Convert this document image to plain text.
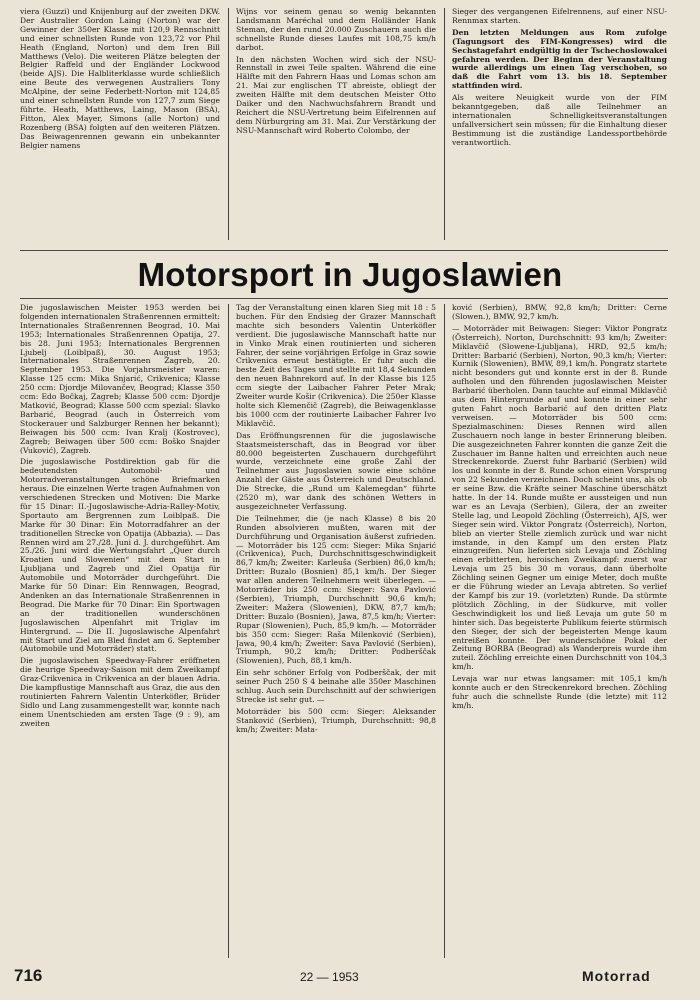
viera (Guzzi) und Knijenburg auf der zweiten DKW. Der Australier Gordon Laing (Norton) war der Gewinner der 350er Klasse mit 120,9 Rennschnitt und einer schnellsten Runde von 123,72 vor Phil Heath (England, Norton) und dem Iren Bill Matthews (Velo). Die weiteren Plätze belegten der Belgier Raffeld und der Engländer Lockwood (beide AJS). Die Halbliterklasse wurde schließlich eine Beute des verwegenen Australiers Tony McAlpine, der seine Federbett-Norton mit 124,85 und einer schnellsten Runde von 127,7 zum Siege führte. Heath, Matthews, Laing, Mason (BSA), Fitton, Alex Mayer, Simons (alle Norton) und Rozenberg (BSA) folgten auf den weiteren Plätzen. Das Beiwagenrennen gewann ein unbekannter Belgier namens

Wijns vor seinem genau so wenig bekannten Landsmann Maréchal und dem Holländer Hank Steman, der den rund 20.000 Zuschauern auch die schnellste Runde dieses Laufes mit 108,75 km/h darbot.

In den nächsten Wochen wird sich der NSU-Rennstall in zwei Teile spalten. Während die eine Hälfte mit den Fahrern Haas und Lomas schon am 21. Mai zur englischen TT abreiste, obliegt der zweiten Hälfte mit dem deutschen Meister Otto Daiker und den Nachwuchsfahrern Brandt und Reichert die NSU-Vertretung beim Eifelrennen auf dem Nürburgring am 31. Mai. Zur Verstärkung der NSU-Mannschaft wird Roberto Colombo, der

Sieger des vergangenen Eifelrennens, auf einer NSU-Rennmax starten.

Den letzten Meldungen aus Rom zufolge (Tagungsort des FIM-Kongresses) wird die Sechstagefahrt endgültig in der Tschechoslowakei gefahren werden. Der Beginn der Veranstaltung wurde allerdings um einen Tag verschoben, so daß die Fahrt vom 13. bis 18. September stattfinden wird.

Als weitere Neuigkeit wurde von der FIM bekanntgegeben, daß alle Teilnehmer an internationalen Schnelligkeitsveranstaltungen unfallversichert sein müssen; für die Einhaltung dieser Bestimmung ist die zuständige Landessportbehörde verantwortlich.

Motorsport in Jugoslawien

Die jugoslawischen Meister 1953 werden bei folgenden internationalen Straßenrennen ermittelt: Internationales Straßenrennen Beograd, 10. Mai 1953; Internationales Straßenrennen Opatija, 27. bis 28. Juni 1953; Internationales Bergrennen Ljubelj (Loiblpaß), 30. August 1953; Internationales Straßenrennen Zagreb, 20. September 1953. Die Vorjahrsmeister waren: Klasse 125 ccm: Mika Snjarić, Crikvenica; Klasse 250 ccm: Djordje Milovančev, Beograd; Klasse 350 ccm: Edo Bočkaj, Zagreb; Klasse 500 ccm: Djordje Matković, Beograd; Klasse 500 ccm spezial: Slavko Barbarić, Beograd (auch in Österreich vom Stockerauer und Salzburger Rennen her bekannt); Beiwagen bis 500 ccm: Ivan Kralj (Kostrovec), Zagreb; Beiwagen über 500 ccm: Boško Snajder (Vuković), Zagreb.

Die jugoslawische Postdirektion gab für die bedeutendsten Automobil- und Motorradveranstaltungen schöne Briefmarken heraus. Die einzelnen Werte tragen Aufnahmen von verschiedenen Strecken und Motiven: Die Marke für 15 Dinar: II.-Jugoslawische-Adria-Ralley-Motiv, Sportauto am Bergrennen zum Loiblpaß. Die Marke für 30 Dinar: Ein Motorradfahrer an der traditionellen Strecke von Opatija (Abbazia). — Das Rennen wird am 27./28. Juni d. J. durchgeführt. Am 25./26. Juni wird die Wertungsfahrt „Quer durch Kroatien und Slowenien“ mit dem Start in Ljubljana und Zagreb und Ziel Opatija für Automobile und Motorräder durchgeführt. Die Marke für 50 Dinar: Ein Rennwagen, Beograd, Andenken an das Internationale Straßenrennen in Beograd. Die Marke für 70 Dinar: Ein Sportwagen an der traditionellen wunderschönen Jugoslawischen Alpenfahrt mit Triglav im Hintergrund. — Die II. Jugoslawische Alpenfahrt mit Start und Ziel am Bled findet am 6. September (Automobile und Motorräder) statt.

Die jugoslawischen Speedway-Fahrer eröffneten die heurige Speedway-Saison mit dem Zweikampf Graz-Crikvenica in Crikvenica an der blauen Adria. Die kampflustige Mannschaft aus Graz, die aus den routinierten Fahrern Valentin Unterköfler, Brüder Sidlo und Lang zusammengestellt war, konnte nach einem Unentschieden am ersten Tage (9 : 9), am zweiten

Tag der Veranstaltung einen klaren Sieg mit 18 : 5 buchen. Für den Endsieg der Grazer Mannschaft machte sich besonders Valentin Unterköfler verdient. Die jugoslawische Mannschaft hatte nur in Vinko Mrak einen routinierten und sicheren Fahrer, der seine vorjährigen Erfolge in Graz sowie Crikvenica erneut bestätigte. Er fuhr auch die beste Zeit des Tages und stellte mit 18,4 Sekunden den neuen Bahnrekord auf. In der Klasse bis 125 ccm siegte der Laibacher Fahrer Peter Mrak; Zweiter wurde Košir (Crikvenica). Die 250er Klasse holte sich Klemenčič (Zagreb), die Beiwagenklasse bis 1000 ccm der routinierte Laibacher Fahrer Ivo Miklavčič.

Das Eröffnungsrennen für die jugoslawische Staatsmeisterschaft, das in Beograd vor über 80.000 begeisterten Zuschauern durchgeführt wurde, verzeichnete eine große Zahl der Teilnehmer aus Jugoslawien sowie eine schöne Anzahl der Gäste aus Österreich und Deutschland. Die Strecke, die „Rund um Kalemegdan“ führte (2520 m), war dank des schönen Wetters in ausgezeichneter Verfassung.

Die Teilnehmer, die (je nach Klasse) 8 bis 20 Runden absolvieren mußten, waren mit der Durchführung und Organisation äußerst zufrieden. — Motorräder bis 125 ccm: Sieger: Mika Snjarić (Crikvenica), Puch, Durchschnittsgeschwindigkeit 86,7 km/h; Zweiter: Karleuša (Serbien) 86,0 km/h; Dritter: Buzalo (Bosnien) 85,1 km/h. Der Sieger war allen anderen Teilnehmern weit überlegen. — Motorräder bis 250 ccm: Sieger: Sava Pavlović (Serbien), Triumph, Durchschnitt 90,6 km/h; Zweiter: Mažera (Slowenien), DKW, 87,7 km/h; Dritter: Buzalo (Bosnien), Jawa, 87,5 km/h; Vierter: Rupar (Slowenien), Puch, 85,9 km/h. — Motorräder bis 350 ccm: Sieger: Raša Milenković (Serbien), Jawa, 90,4 km/h; Zweiter: Sava Pavlović (Serbien), Triumph, 90,2 km/h; Dritter: Podberščak (Slowenien), Puch, 88,1 km/h.

Ein sehr schöner Erfolg von Podberščak, der mit seiner Puch 250 S 4 beinahe alle 350er Maschinen schlug. Auch sein Durchschnitt auf der schwierigen Strecke ist sehr gut. —

Motorräder bis 500 ccm: Sieger: Aleksander Stanković (Serbien), Triumph, Durchschnitt: 98,8 km/h; Zweiter: Mata-

ković (Serbien), BMW, 92,8 km/h; Dritter: Cerne (Slowen.), BMW, 92,7 km/h.

— Motorräder mit Beiwagen: Sieger: Viktor Pongratz (Österreich), Norton, Durchschnitt: 93 km/h; Zweiter: Miklavčič (Slowene-Ljubljana), HRD, 92,5 km/h; Dritter: Barbarić (Serbien), Norton, 90,3 km/h; Vierter: Kurnik (Slowenien), BMW, 89,1 km/h. Pongratz startete nicht besonders gut und konnte erst in der 8. Runde aufholen und den führenden jugoslawischen Meister Barbarić überholen. Dann tauchte auf einmal Miklavčič aus dem Hintergrunde auf und konnte in einer sehr guten Fahrt noch Barbarić auf den dritten Platz verweisen. — Motorräder bis 500 ccm: Spezialmaschinen: Dieses Rennen wird allen Zuschauern noch lange in bester Erinnerung bleiben. Die ausgezeichneten Fahrer konnten die ganze Zeit die Zuschauer im Banne halten und erreichten auch neue Streckenrekorde. Zuerst fuhr Barbarić (Serbien) wild los und konnte in der 8. Runde schon einen Vorsprung von 22 Sekunden verzeichnen. Doch scheint uns, als ob er seine Bzw. die Kräfte seiner Maschine überschätzt hatte. In der 14. Runde mußte er aussteigen und nun war es an Levaja (Serbien), Gilera, der an zweiter Stelle lag, und Leopold Zöchling (Österreich), AJS, wer Sieger sein wird. Viktor Pongratz (Österreich), Norton, blieb an vierter Stelle ziemlich zurück und war nicht imstande, in den Kampf um den ersten Platz einzugreifen. Nun lieferten sich Levaja und Zöchling einen erbitterten, heroischen Zweikampf: zuerst war Levaja um 25 bis 30 m voraus, dann überholte Zöchling seinen Gegner um einige Meter, doch mußte er die Führung wieder an Levaja abtreten. So verlief der Kampf bis zur 19. (vorletzten) Runde. Da stürmte plötzlich Zöchling, in der Südkurve, mit voller Geschwindigkeit los und ließ Levaja um gute 50 m hinter sich. Das begeisterte Publikum feierte stürmisch den Sieger, der sich der begeisterten Menge kaum entreißen konnte. Der wunderschöne Pokal der Zeitung BORBA (Beograd) als Wanderpreis wurde ihm zuteil. Zöchling erreichte einen Durchschnitt von 104,3 km/h.

Levaja war nur etwas langsamer: mit 105,1 km/h konnte auch er den Streckenrekord brechen. Zöchling fuhr auch die schnellste Runde (die letzte) mit 112 km/h.

716	22 — 1953	Motorrad
